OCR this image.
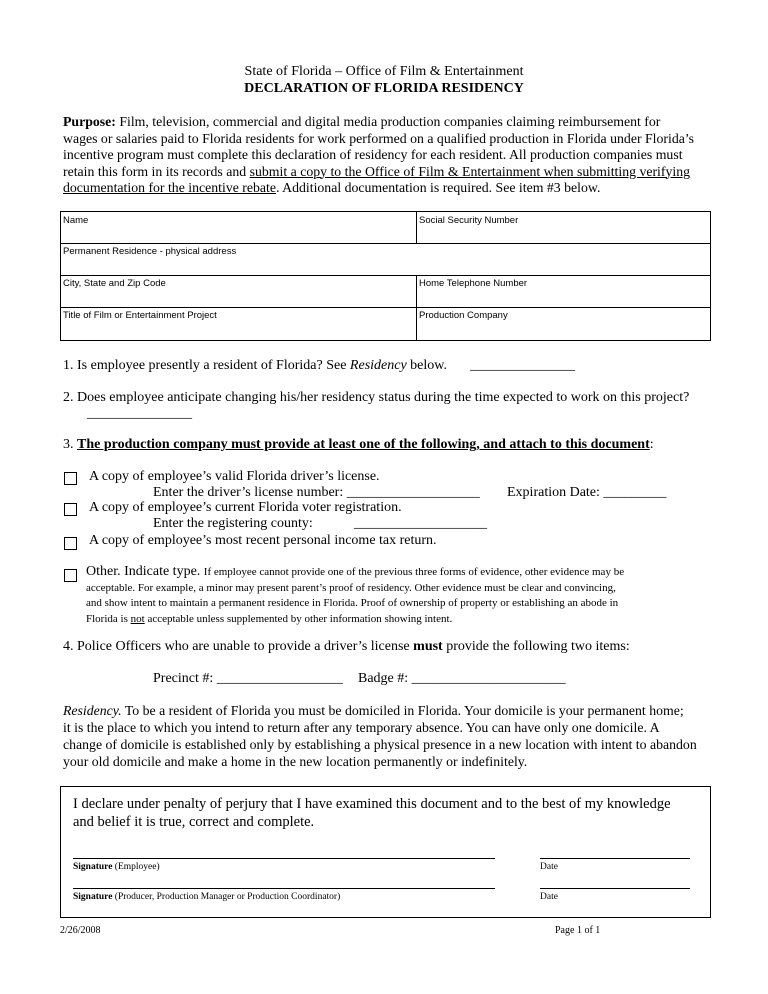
State of Florida – Office of Film & Entertainment
DECLARATION OF FLORIDA RESIDENCY
Purpose: Film, television, commercial and digital media production companies claiming reimbursement for
wages or salaries paid to Florida residents for work performed on a qualified production in Florida under Florida’s
incentive program must complete this declaration of residency for each resident. All production companies must
retain this form in its records and submit a copy to the Office of Film & Entertainment when submitting verifying
documentation for the incentive rebate. Additional documentation is required. See item #3 below.
Name	Social Security Number
Permanent Residence - physical address
City, State and Zip Code	Home Telephone Number
Title of Film or Entertainment Project	Production Company
1. Is employee presently a resident of Florida? See Residency below. _______________
2. Does employee anticipate changing his/her residency status during the time expected to work on this project?
_______________
3. The production company must provide at least one of the following, and attach to this document:
A copy of employee’s valid Florida driver’s license.
Enter the driver’s license number: ___________________ Expiration Date: _________
A copy of employee’s current Florida voter registration.
Enter the registering county:	___________________
A copy of employee’s most recent personal income tax return.
Other. Indicate type. If employee cannot provide one of the previous three forms of evidence, other evidence may be
acceptable. For example, a minor may present parent’s proof of residency. Other evidence must be clear and convincing,
and show intent to maintain a permanent residence in Florida. Proof of ownership of property or establishing an abode in
Florida is not acceptable unless supplemented by other information showing intent.
4. Police Officers who are unable to provide a driver’s license must provide the following two items:
Precinct #: __________________ Badge #: ______________________
Residency. To be a resident of Florida you must be domiciled in Florida. Your domicile is your permanent home;
it is the place to which you intend to return after any temporary absence. You can have only one domicile. A
change of domicile is established only by establishing a physical presence in a new location with intent to abandon
your old domicile and make a home in the new location permanently or indefinitely.
I declare under penalty of perjury that I have examined this document and to the best of my knowledge
and belief it is true, correct and complete.
Signature (Employee)	Date
Signature (Producer, Production Manager or Production Coordinator)	Date
2/26/2008	Page 1 of 1
